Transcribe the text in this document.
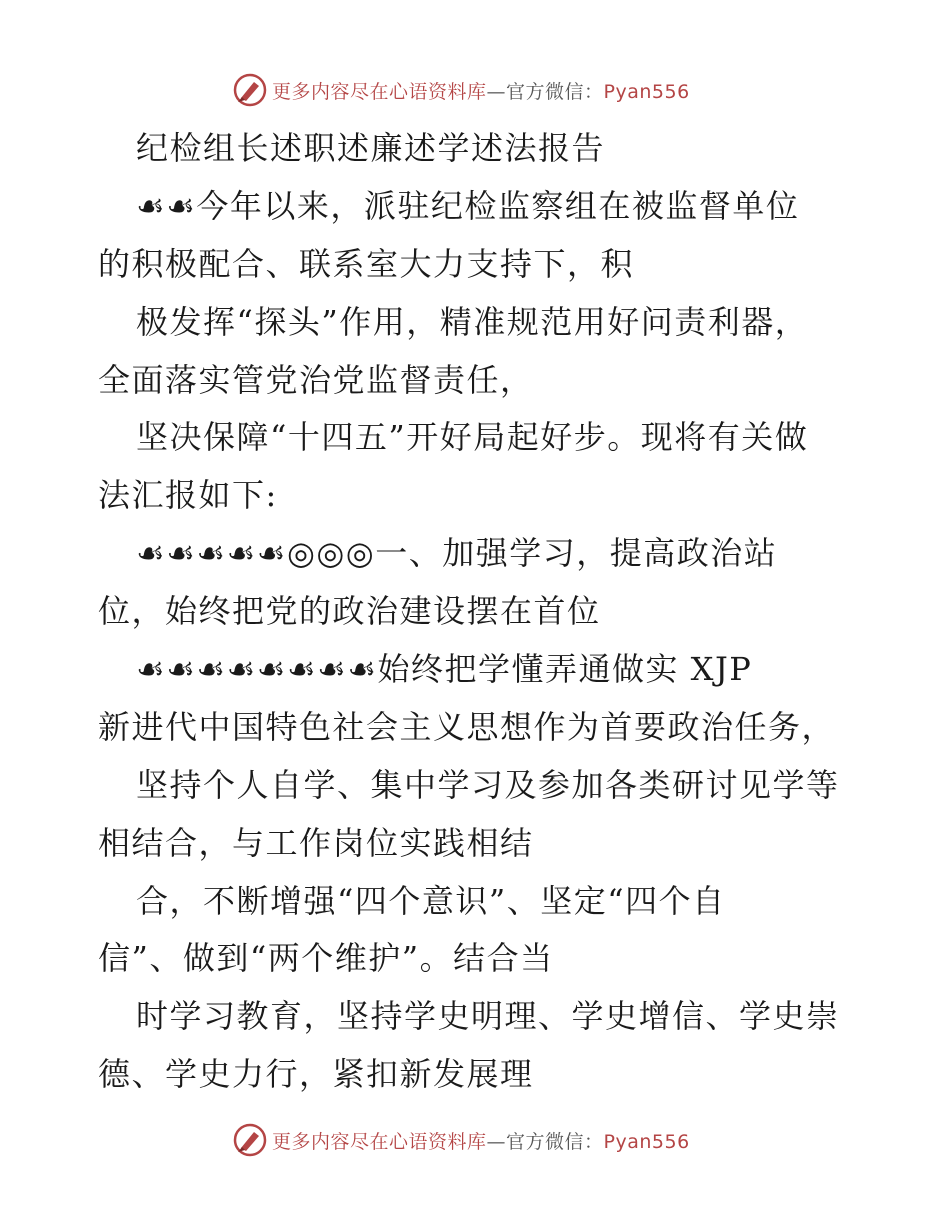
更多内容尽在心语资料库—官方微信：Pyan556
纪检组长述职述廉述学述法报告
☙☙今年以来，派驻纪检监察组在被监督单位
的积极配合、联系室大力支持下，积
极发挥“探头”作用，精准规范用好问责利器，
全面落实管党治党监督责任，
坚决保障“十四五”开好局起好步。现将有关做
法汇报如下:
☙☙☙☙☙◎◎◎一、加强学习，提高政治站
位，始终把党的政治建设摆在首位
☙☙☙☙☙☙☙☙始终把学懂弄通做实 XJP
新进代中国特色社会主义思想作为首要政治任务，
坚持个人自学、集中学习及参加各类研讨见学等
相结合，与工作岗位实践相结
合，不断增强“四个意识”、坚定“四个自
信”、做到“两个维护”。结合当
时学习教育，坚持学史明理、学史增信、学史崇
德、学史力行，紧扣新发展理
更多内容尽在心语资料库—官方微信：Pyan556
